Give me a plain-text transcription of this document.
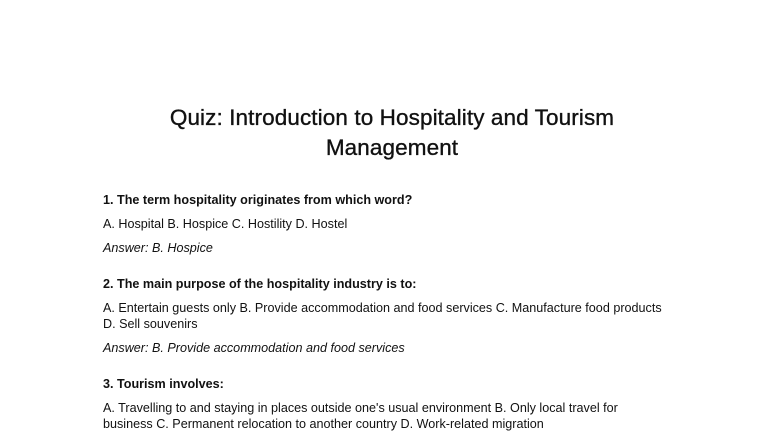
Quiz: Introduction to Hospitality and Tourism
Management

1. The term hospitality originates from which word?

A. Hospital B. Hospice C. Hostility D. Hostel

Answer: B. Hospice

2. The main purpose of the hospitality industry is to:

A. Entertain guests only B. Provide accommodation and food services C. Manufacture food products D. Sell souvenirs

Answer: B. Provide accommodation and food services

3. Tourism involves:

A. Travelling to and staying in places outside one's usual environment B. Only local travel for business C. Permanent relocation to another country D. Work-related migration
